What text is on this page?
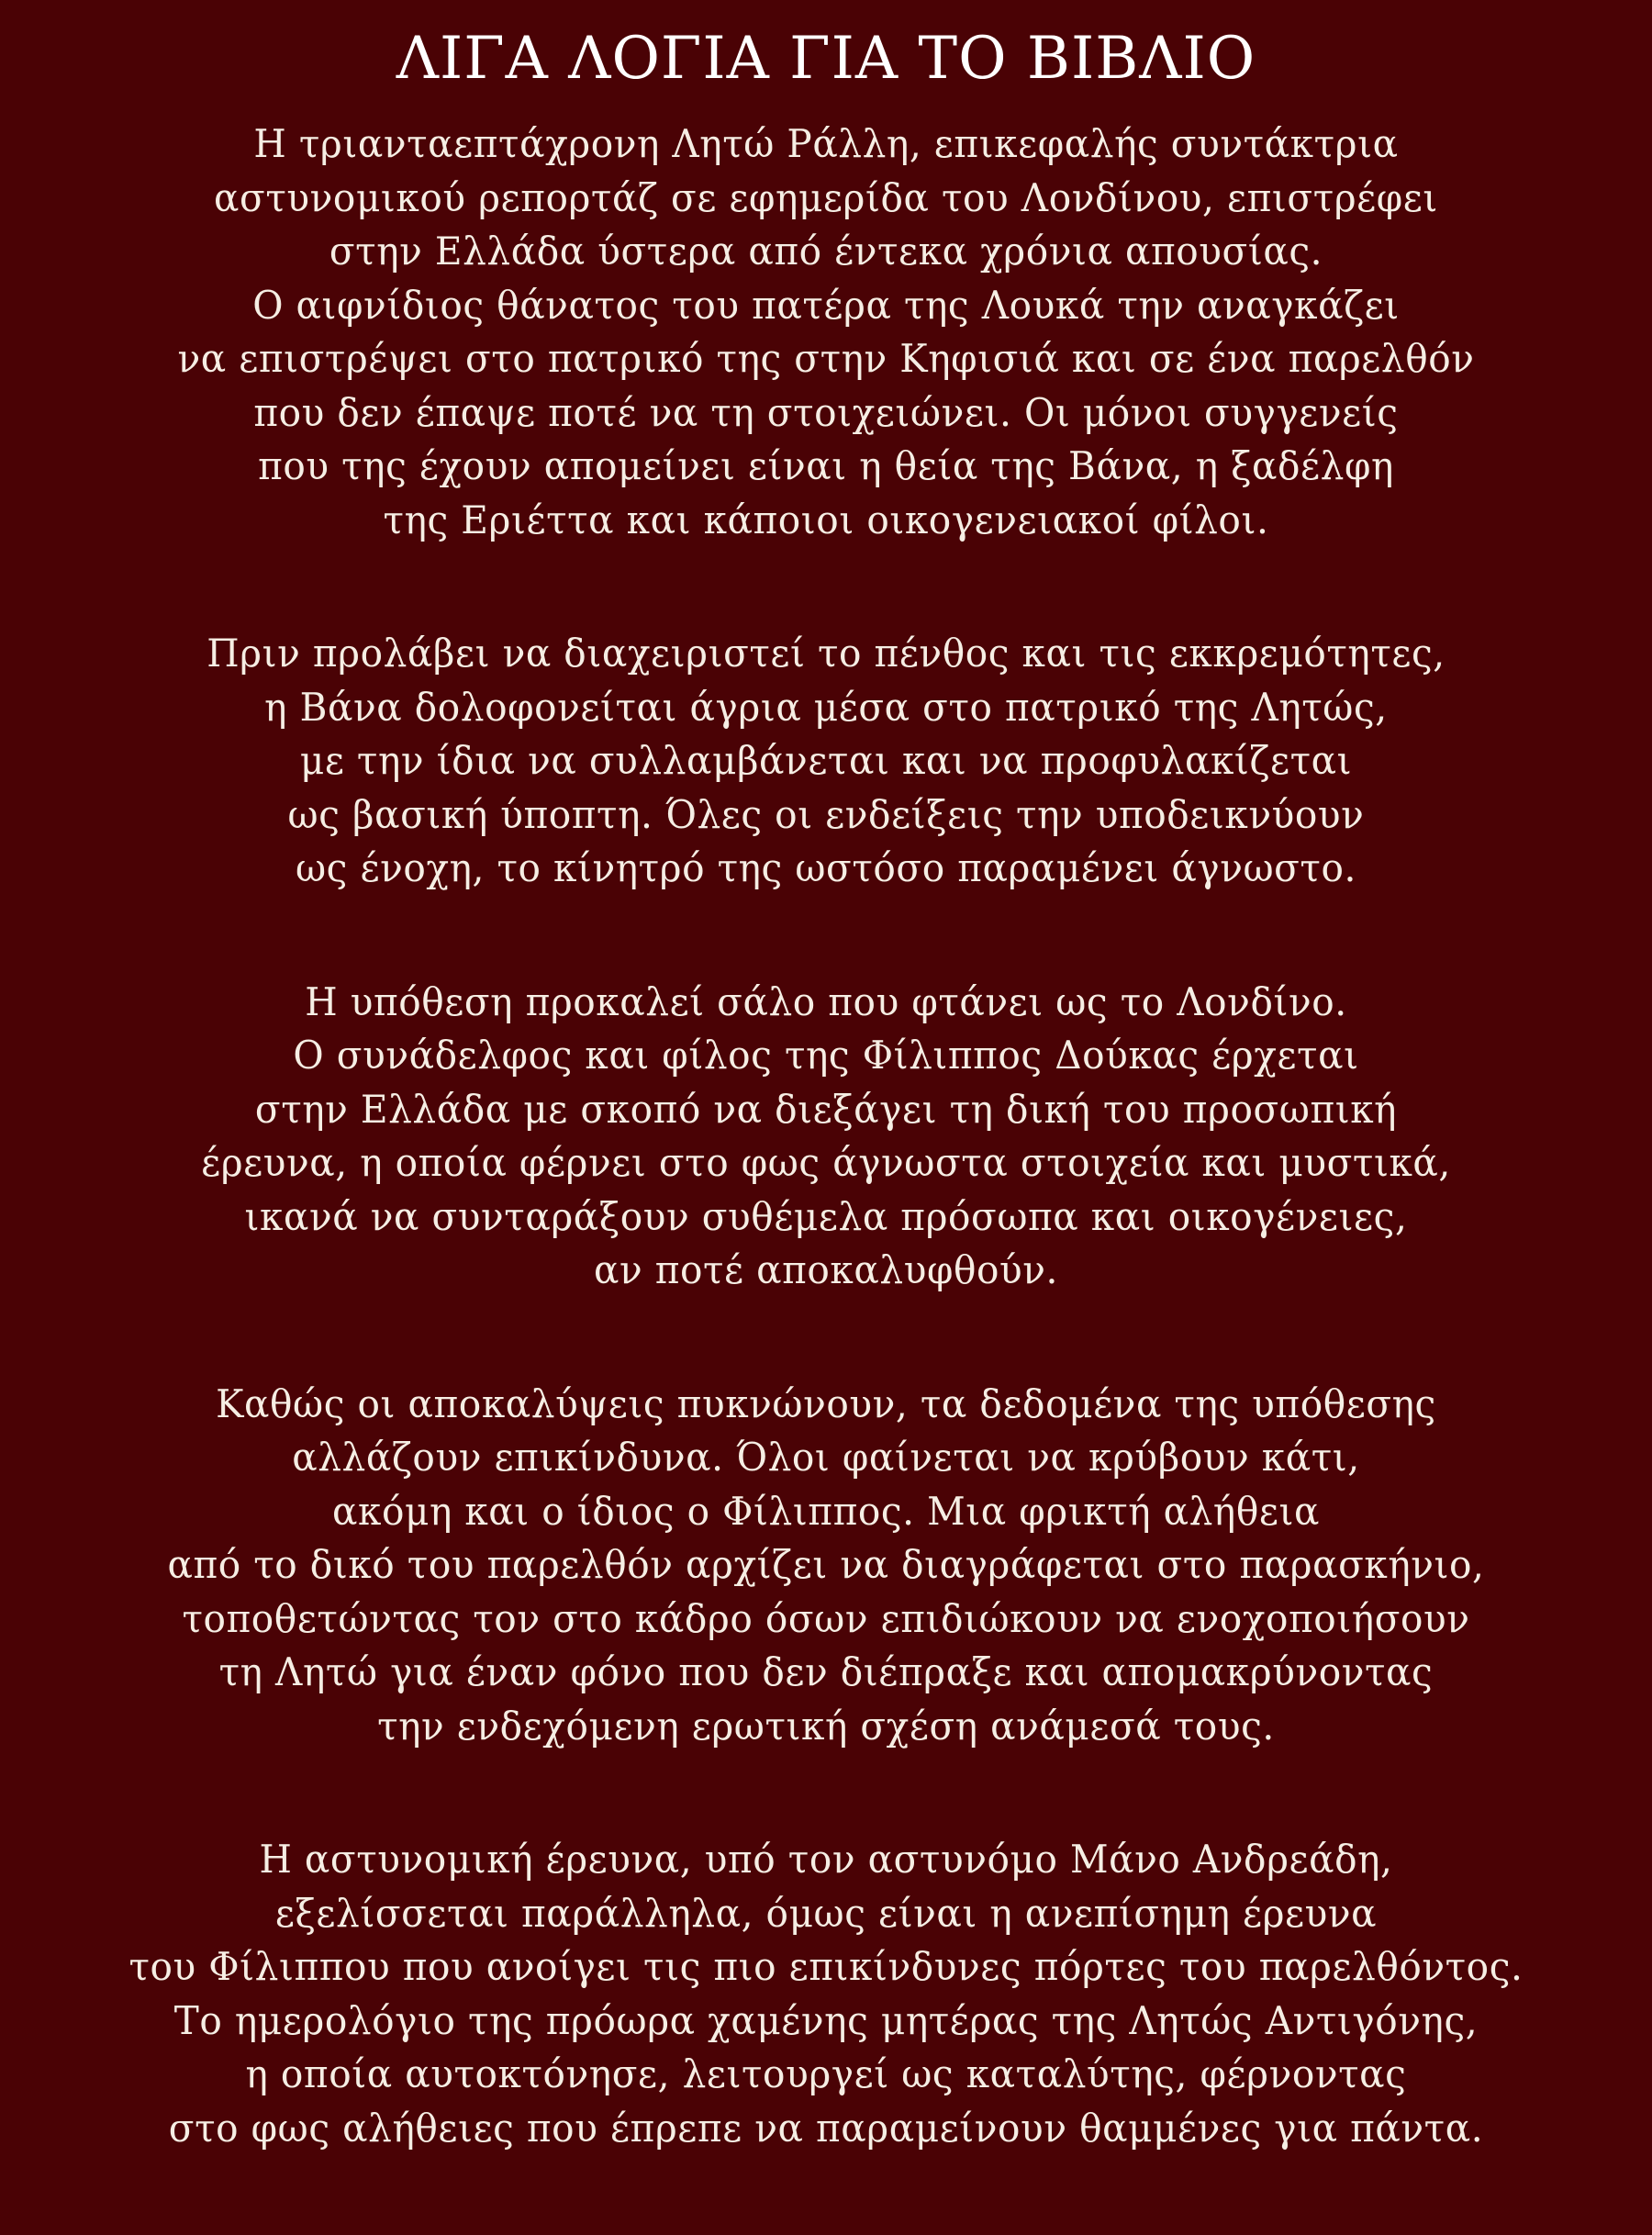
ΛΙΓΑ ΛΟΓΙΑ ΓΙΑ ΤΟ ΒΙΒΛΙΟ
Η τριανταεπτάχρονη Λητώ Ράλλη, επικεφαλής συντάκτρια
αστυνομικού ρεπορτάζ σε εφημερίδα του Λονδίνου, επιστρέφει
στην Ελλάδα ύστερα από έντεκα χρόνια απουσίας.
Ο αιφνίδιος θάνατος του πατέρα της Λουκά την αναγκάζει
να επιστρέψει στο πατρικό της στην Κηφισιά και σε ένα παρελθόν
που δεν έπαψε ποτέ να τη στοιχειώνει. Οι μόνοι συγγενείς
που της έχουν απομείνει είναι η θεία της Βάνα, η ξαδέλφη
της Εριέττα και κάποιοι οικογενειακοί φίλοι.
Πριν προλάβει να διαχειριστεί το πένθος και τις εκκρεμότητες,
η Βάνα δολοφονείται άγρια μέσα στο πατρικό της Λητώς,
με την ίδια να συλλαμβάνεται και να προφυλακίζεται
ως βασική ύποπτη. Όλες οι ενδείξεις την υποδεικνύουν
ως ένοχη, το κίνητρό της ωστόσο παραμένει άγνωστο.
Η υπόθεση προκαλεί σάλο που φτάνει ως το Λονδίνο.
Ο συνάδελφος και φίλος της Φίλιππος Δούκας έρχεται
στην Ελλάδα με σκοπό να διεξάγει τη δική του προσωπική
έρευνα, η οποία φέρνει στο φως άγνωστα στοιχεία και μυστικά,
ικανά να συνταράξουν συθέμελα πρόσωπα και οικογένειες,
αν ποτέ αποκαλυφθούν.
Καθώς οι αποκαλύψεις πυκνώνουν, τα δεδομένα της υπόθεσης
αλλάζουν επικίνδυνα. Όλοι φαίνεται να κρύβουν κάτι,
ακόμη και ο ίδιος ο Φίλιππος. Μια φρικτή αλήθεια
από το δικό του παρελθόν αρχίζει να διαγράφεται στο παρασκήνιο,
τοποθετώντας τον στο κάδρο όσων επιδιώκουν να ενοχοποιήσουν
τη Λητώ για έναν φόνο που δεν διέπραξε και απομακρύνοντας
την ενδεχόμενη ερωτική σχέση ανάμεσά τους.
Η αστυνομική έρευνα, υπό τον αστυνόμο Μάνο Ανδρεάδη,
εξελίσσεται παράλληλα, όμως είναι η ανεπίσημη έρευνα
του Φίλιππου που ανοίγει τις πιο επικίνδυνες πόρτες του παρελθόντος.
Το ημερολόγιο της πρόωρα χαμένης μητέρας της Λητώς Αντιγόνης,
η οποία αυτοκτόνησε, λειτουργεί ως καταλύτης, φέρνοντας
στο φως αλήθειες που έπρεπε να παραμείνουν θαμμένες για πάντα.
